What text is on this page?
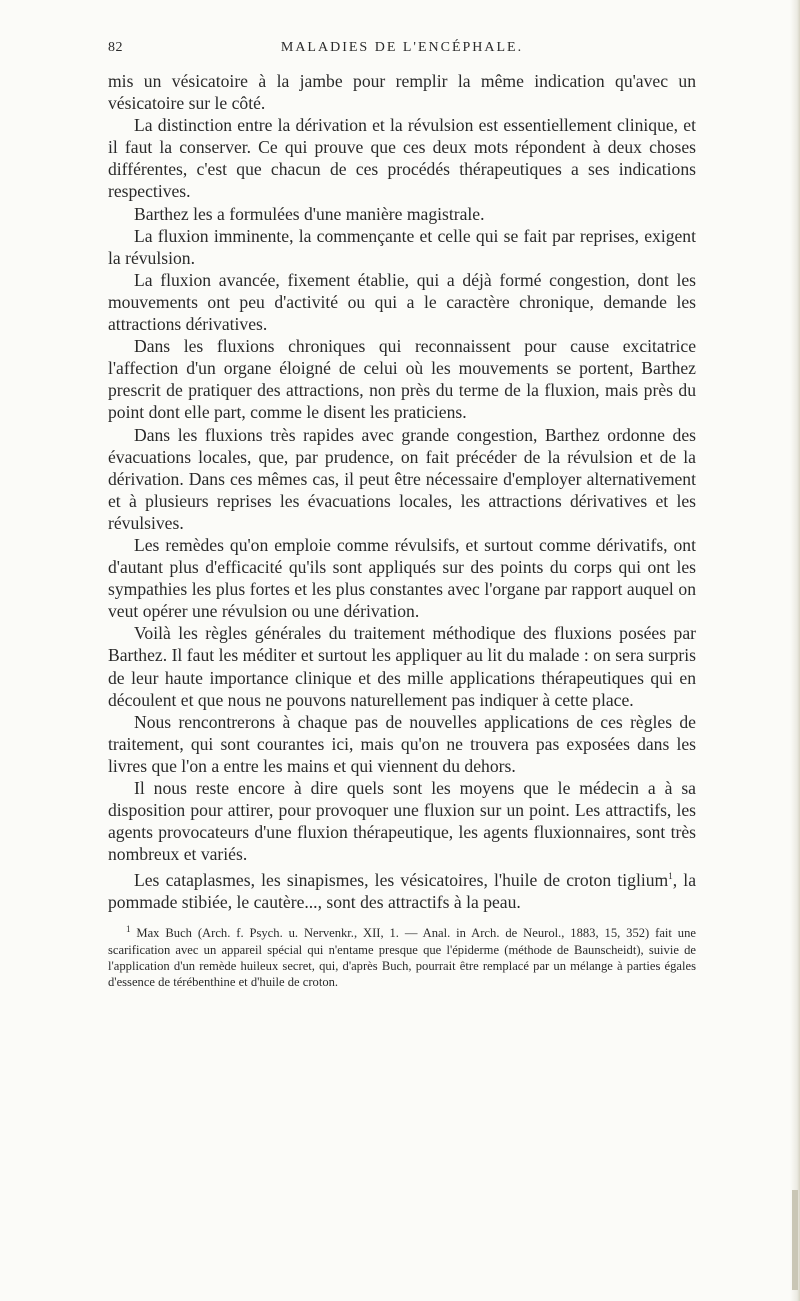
82	MALADIES DE L'ENCÉPHALE.

mis un vésicatoire à la jambe pour remplir la même indication qu'avec un vésicatoire sur le côté.

La distinction entre la dérivation et la révulsion est essentiellement clinique, et il faut la conserver. Ce qui prouve que ces deux mots répondent à deux choses différentes, c'est que chacun de ces procédés thérapeutiques a ses indications respectives.

Barthez les a formulées d'une manière magistrale.

La fluxion imminente, la commençante et celle qui se fait par reprises, exigent la révulsion.

La fluxion avancée, fixement établie, qui a déjà formé congestion, dont les mouvements ont peu d'activité ou qui a le caractère chronique, demande les attractions dérivatives.

Dans les fluxions chroniques qui reconnaissent pour cause excitatrice l'affection d'un organe éloigné de celui où les mouvements se portent, Barthez prescrit de pratiquer des attractions, non près du terme de la fluxion, mais près du point dont elle part, comme le disent les praticiens.

Dans les fluxions très rapides avec grande congestion, Barthez ordonne des évacuations locales, que, par prudence, on fait précéder de la révulsion et de la dérivation. Dans ces mêmes cas, il peut être nécessaire d'employer alternativement et à plusieurs reprises les évacuations locales, les attractions dérivatives et les révulsives.

Les remèdes qu'on emploie comme révulsifs, et surtout comme dérivatifs, ont d'autant plus d'efficacité qu'ils sont appliqués sur des points du corps qui ont les sympathies les plus fortes et les plus constantes avec l'organe par rapport auquel on veut opérer une révulsion ou une dérivation.

Voilà les règles générales du traitement méthodique des fluxions posées par Barthez. Il faut les méditer et surtout les appliquer au lit du malade : on sera surpris de leur haute importance clinique et des mille applications thérapeutiques qui en découlent et que nous ne pouvons naturellement pas indiquer à cette place.

Nous rencontrerons à chaque pas de nouvelles applications de ces règles de traitement, qui sont courantes ici, mais qu'on ne trouvera pas exposées dans les livres que l'on a entre les mains et qui viennent du dehors.

Il nous reste encore à dire quels sont les moyens que le médecin a à sa disposition pour attirer, pour provoquer une fluxion sur un point. Les attractifs, les agents provocateurs d'une fluxion thérapeutique, les agents fluxionnaires, sont très nombreux et variés.

Les cataplasmes, les sinapismes, les vésicatoires, l'huile de croton tiglium$^1$, la pommade stibiée, le cautère..., sont des attractifs à la peau.

$^1$ Max Buch (Arch. f. Psych. u. Nervenkr., XII, 1. — Anal. in Arch. de Neurol., 1883, 15, 352) fait une scarification avec un appareil spécial qui n'entame presque que l'épiderme (méthode de Baunscheidt), suivie de l'application d'un remède huileux secret, qui, d'après Buch, pourrait être remplacé par un mélange à parties égales d'essence de térébenthine et d'huile de croton.
